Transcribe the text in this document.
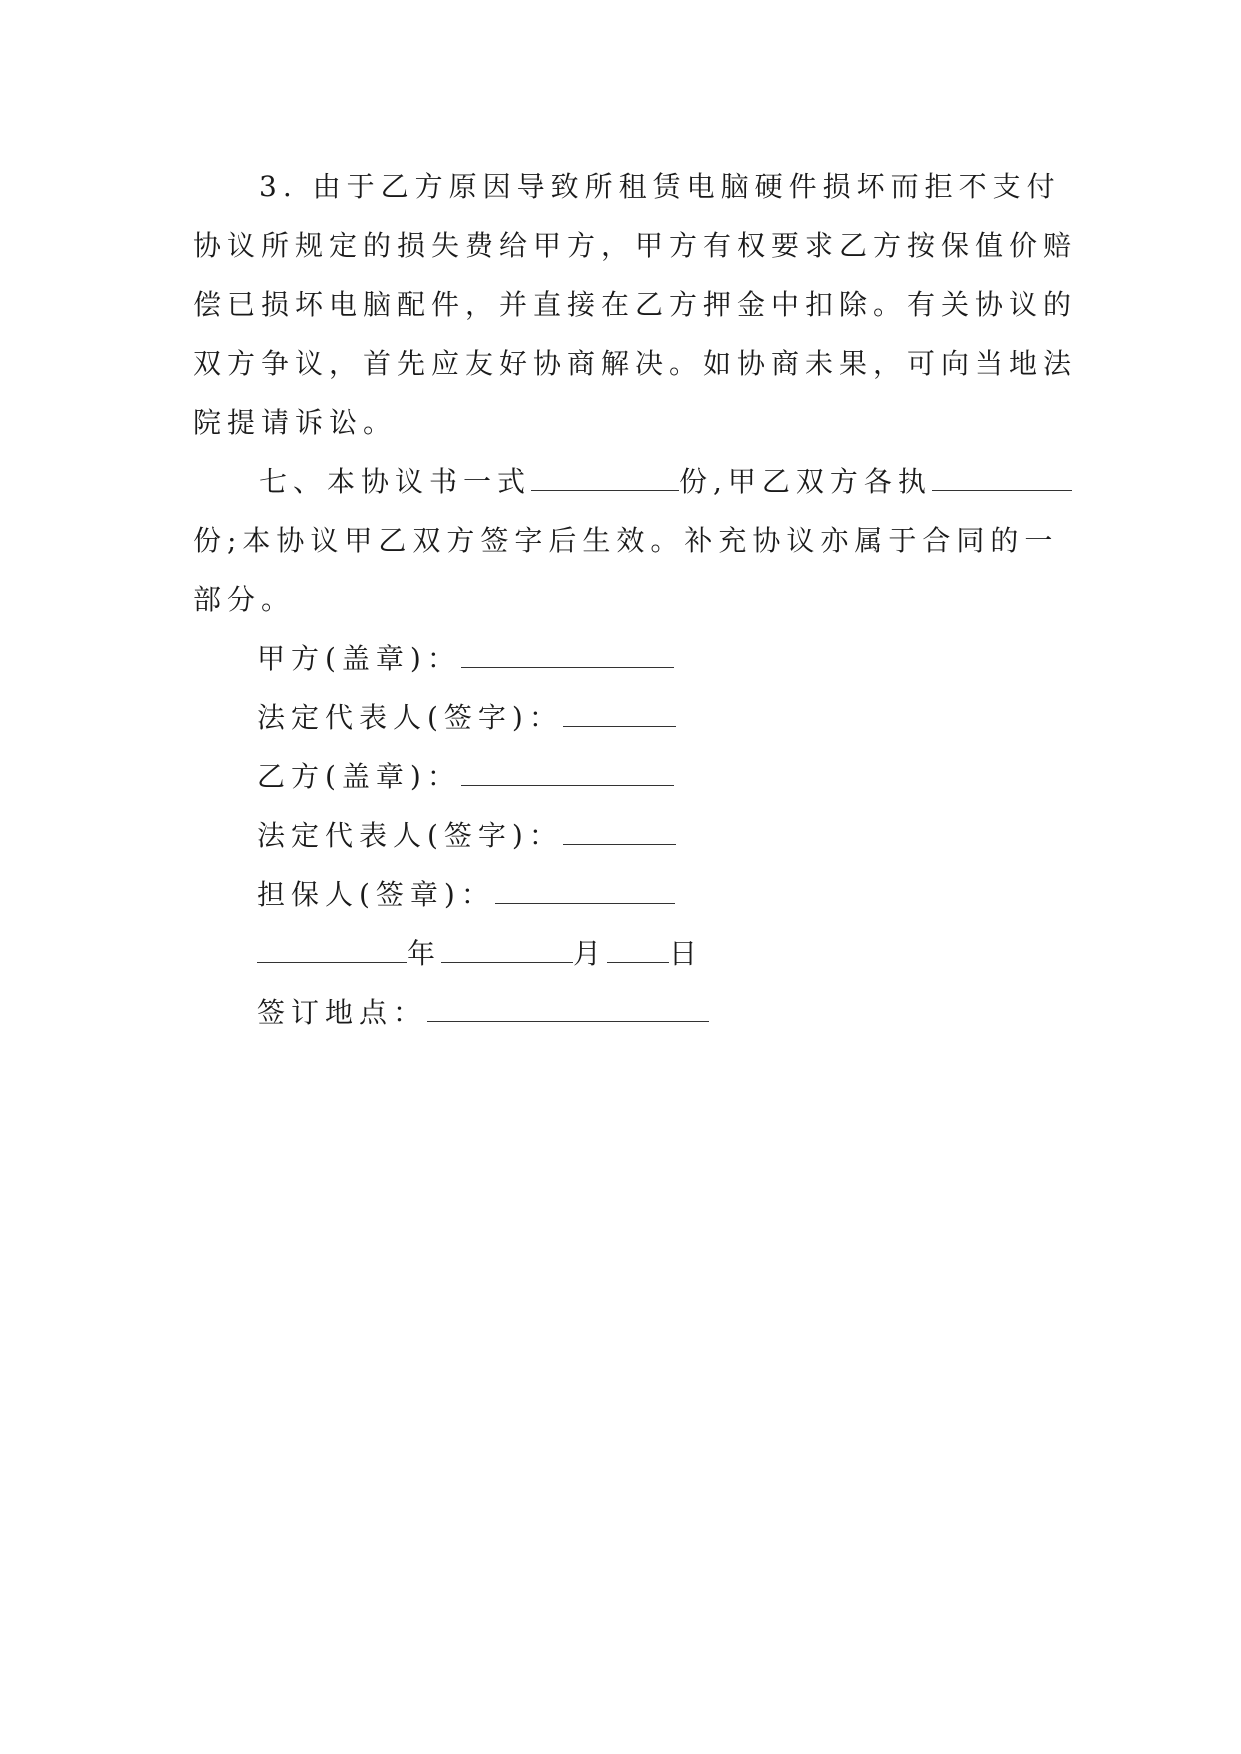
3. 由于乙方原因导致所租赁电脑硬件损坏而拒不支付
协议所规定的损失费给甲方，甲方有权要求乙方按保值价赔
偿已损坏电脑配件，并直接在乙方押金中扣除。有关协议的
双方争议，首先应友好协商解决。如协商未果，可向当地法
院提请诉讼。
七、本协议书一式	份,甲乙双方各执
份;本协议甲乙双方签字后生效。补充协议亦属于合同的一
部分。
甲方(盖章)：
法定代表人(签字)：
乙方(盖章)：
法定代表人(签字)：
担保人(签章)：
年	月 日
签订地点：
